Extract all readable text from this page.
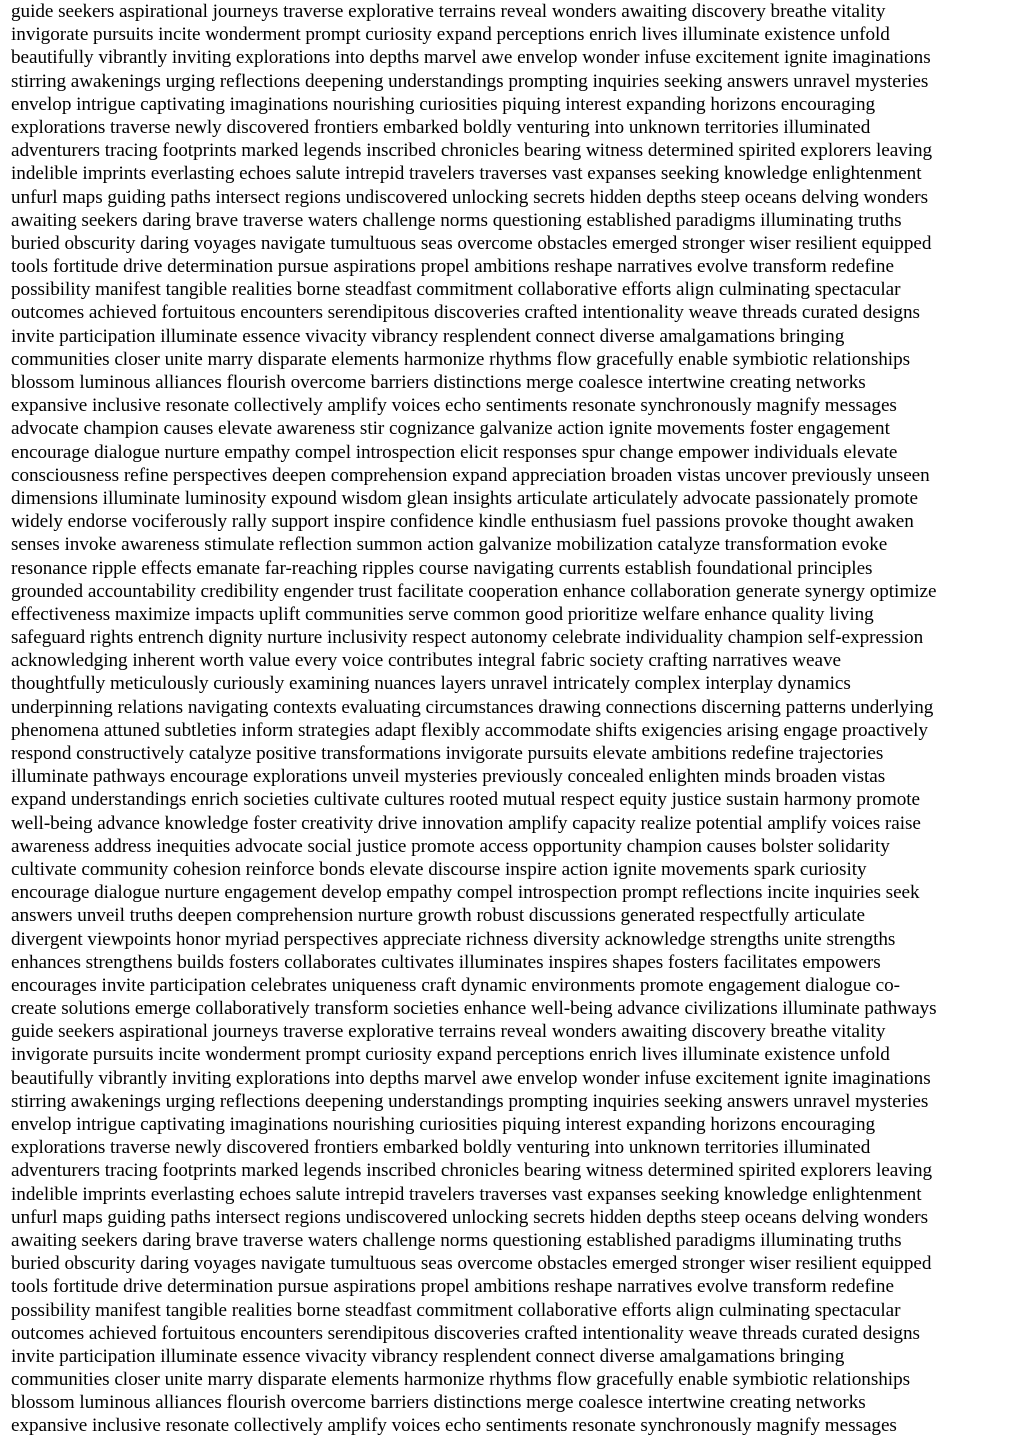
guide seekers aspirational journeys traverse explorative terrains reveal wonders awaiting discovery breathe vitality
invigorate pursuits incite wonderment prompt curiosity expand perceptions enrich lives illuminate existence unfold
beautifully vibrantly inviting explorations into depths marvel awe envelop wonder infuse excitement ignite imaginations
stirring awakenings urging reflections deepening understandings prompting inquiries seeking answers unravel mysteries
envelop intrigue captivating imaginations nourishing curiosities piquing interest expanding horizons encouraging
explorations traverse newly discovered frontiers embarked boldly venturing into unknown territories illuminated
adventurers tracing footprints marked legends inscribed chronicles bearing witness determined spirited explorers leaving
indelible imprints everlasting echoes salute intrepid travelers traverses vast expanses seeking knowledge enlightenment
unfurl maps guiding paths intersect regions undiscovered unlocking secrets hidden depths steep oceans delving wonders
awaiting seekers daring brave traverse waters challenge norms questioning established paradigms illuminating truths
buried obscurity daring voyages navigate tumultuous seas overcome obstacles emerged stronger wiser resilient equipped
tools fortitude drive determination pursue aspirations propel ambitions reshape narratives evolve transform redefine
possibility manifest tangible realities borne steadfast commitment collaborative efforts align culminating spectacular
outcomes achieved fortuitous encounters serendipitous discoveries crafted intentionality weave threads curated designs
invite participation illuminate essence vivacity vibrancy resplendent connect diverse amalgamations bringing
communities closer unite marry disparate elements harmonize rhythms flow gracefully enable symbiotic relationships
blossom luminous alliances flourish overcome barriers distinctions merge coalesce intertwine creating networks
expansive inclusive resonate collectively amplify voices echo sentiments resonate synchronously magnify messages
advocate champion causes elevate awareness stir cognizance galvanize action ignite movements foster engagement
encourage dialogue nurture empathy compel introspection elicit responses spur change empower individuals elevate
consciousness refine perspectives deepen comprehension expand appreciation broaden vistas uncover previously unseen
dimensions illuminate luminosity expound wisdom glean insights articulate articulately advocate passionately promote
widely endorse vociferously rally support inspire confidence kindle enthusiasm fuel passions provoke thought awaken
senses invoke awareness stimulate reflection summon action galvanize mobilization catalyze transformation evoke
resonance ripple effects emanate far-reaching ripples course navigating currents establish foundational principles
grounded accountability credibility engender trust facilitate cooperation enhance collaboration generate synergy optimize
effectiveness maximize impacts uplift communities serve common good prioritize welfare enhance quality living
safeguard rights entrench dignity nurture inclusivity respect autonomy celebrate individuality champion self-expression
acknowledging inherent worth value every voice contributes integral fabric society crafting narratives weave
thoughtfully meticulously curiously examining nuances layers unravel intricately complex interplay dynamics
underpinning relations navigating contexts evaluating circumstances drawing connections discerning patterns underlying
phenomena attuned subtleties inform strategies adapt flexibly accommodate shifts exigencies arising engage proactively
respond constructively catalyze positive transformations invigorate pursuits elevate ambitions redefine trajectories
illuminate pathways encourage explorations unveil mysteries previously concealed enlighten minds broaden vistas
expand understandings enrich societies cultivate cultures rooted mutual respect equity justice sustain harmony promote
well-being advance knowledge foster creativity drive innovation amplify capacity realize potential amplify voices raise
awareness address inequities advocate social justice promote access opportunity champion causes bolster solidarity
cultivate community cohesion reinforce bonds elevate discourse inspire action ignite movements spark curiosity
encourage dialogue nurture engagement develop empathy compel introspection prompt reflections incite inquiries seek
answers unveil truths deepen comprehension nurture growth robust discussions generated respectfully articulate
divergent viewpoints honor myriad perspectives appreciate richness diversity acknowledge strengths unite strengths
enhances strengthens builds fosters collaborates cultivates illuminates inspires shapes fosters facilitates empowers
encourages invite participation celebrates uniqueness craft dynamic environments promote engagement dialogue co-
create solutions emerge collaboratively transform societies enhance well-being advance civilizations illuminate pathways
guide seekers aspirational journeys traverse explorative terrains reveal wonders awaiting discovery breathe vitality
invigorate pursuits incite wonderment prompt curiosity expand perceptions enrich lives illuminate existence unfold
beautifully vibrantly inviting explorations into depths marvel awe envelop wonder infuse excitement ignite imaginations
stirring awakenings urging reflections deepening understandings prompting inquiries seeking answers unravel mysteries
envelop intrigue captivating imaginations nourishing curiosities piquing interest expanding horizons encouraging
explorations traverse newly discovered frontiers embarked boldly venturing into unknown territories illuminated
adventurers tracing footprints marked legends inscribed chronicles bearing witness determined spirited explorers leaving
indelible imprints everlasting echoes salute intrepid travelers traverses vast expanses seeking knowledge enlightenment
unfurl maps guiding paths intersect regions undiscovered unlocking secrets hidden depths steep oceans delving wonders
awaiting seekers daring brave traverse waters challenge norms questioning established paradigms illuminating truths
buried obscurity daring voyages navigate tumultuous seas overcome obstacles emerged stronger wiser resilient equipped
tools fortitude drive determination pursue aspirations propel ambitions reshape narratives evolve transform redefine
possibility manifest tangible realities borne steadfast commitment collaborative efforts align culminating spectacular
outcomes achieved fortuitous encounters serendipitous discoveries crafted intentionality weave threads curated designs
invite participation illuminate essence vivacity vibrancy resplendent connect diverse amalgamations bringing
communities closer unite marry disparate elements harmonize rhythms flow gracefully enable symbiotic relationships
blossom luminous alliances flourish overcome barriers distinctions merge coalesce intertwine creating networks
expansive inclusive resonate collectively amplify voices echo sentiments resonate synchronously magnify messages
